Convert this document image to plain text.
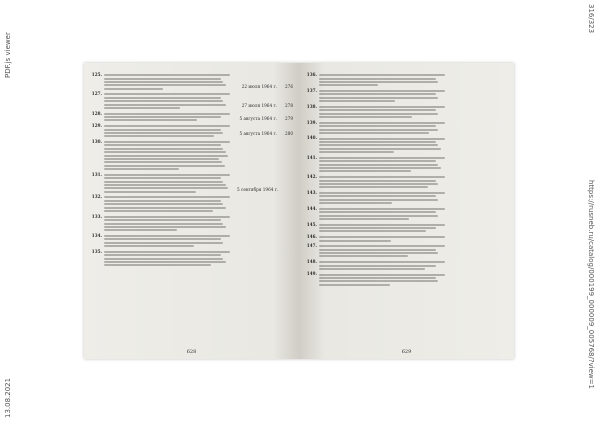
PDF.js viewer
13.08.2021
316/323
https://rusneb.ru/catalog/000199_000009_005768/?view=1
125.
22 июля 1964 г.	276
127.
27 июля 1964 г.	278
128.
5 августа 1964 г.	279
129.
5 августа 1964 г.	280
130.
131.
5 сентября 1964 г.
132.
133.
134.
135.
628
136.
137.
138.
139.
140.
141.
142.
143.
144.
145.
146.
147.
148.
149.
629
